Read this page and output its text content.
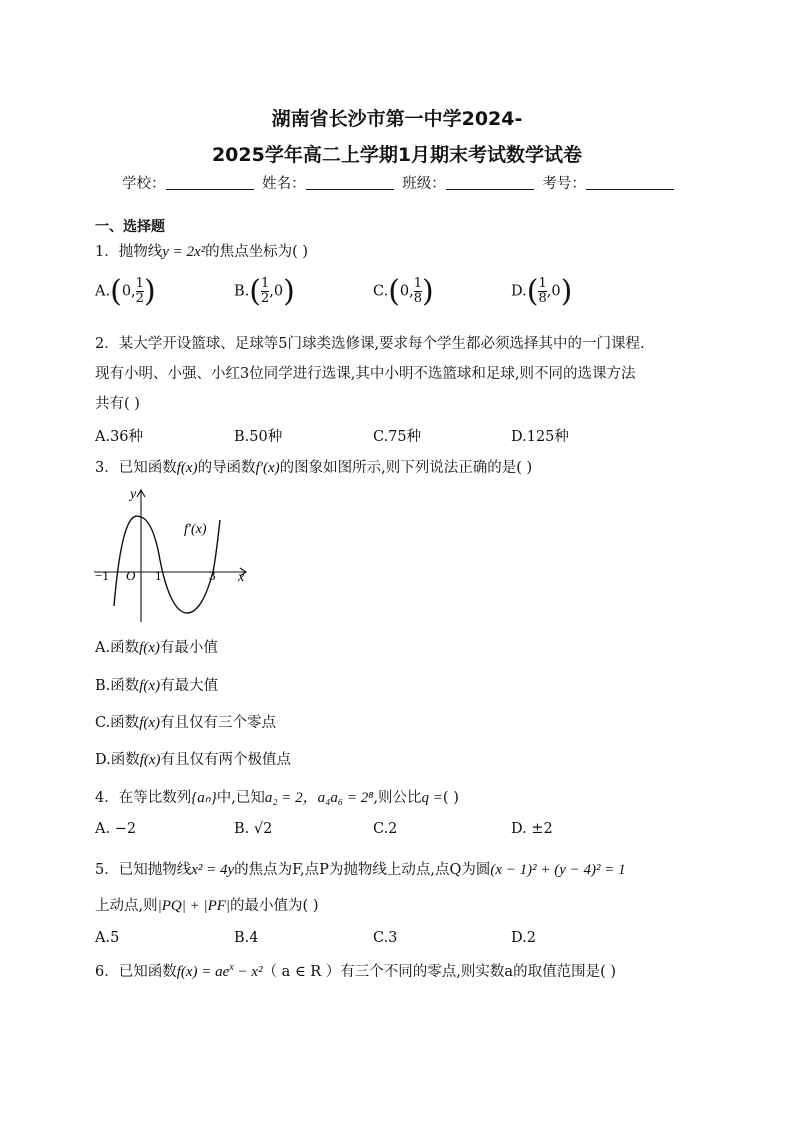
湖南省长沙市第一中学2024-
2025学年高二上学期1月期末考试数学试卷
学校：	姓名：	班级：	考号：
一、选择题
1．抛物线y = 2x²的焦点坐标为( )
A.(0, $\frac{1}{2}$ )	$B.( \frac{1}{2} ,0)$	C.(0, $\frac{1}{8}$ )	$D.( \frac{1}{8} ,0)$
2．某大学开设篮球、足球等5门球类选修课,要求每个学生都必须选择其中的一门课程.
现有小明、小强、小红3位同学进行选课,其中小明不选篮球和足球,则不同的选课方法
共有( )
A.36种	B.50种	C.75种	D.125种
3．已知函数f(x)的导函数f′(x)的图象如图所示,则下列说法正确的是( )
y
x
f′(x)
−1 O 1	3
A.函数f(x)有最小值
B.函数f(x)有最大值
C.函数f(x)有且仅有三个零点
D.函数f(x)有且仅有两个极值点
4．在等比数列{aₙ}中,已知a₂ = 2，a₄a₆ = 2⁸,则公比q =( )
A. −2	B. √2	C.2	D. ±2
5．已知抛物线x² = 4y的焦点为F,点P为抛物线上动点,点Q为圆(x − 1)² + (y − 4)² = 1
上动点,则|PQ| + |PF|的最小值为( )
A.5	B.4	C.3	D.2
6．已知函数$f(x) = ae^x - x^2$（ a ∈ R ）有三个不同的零点,则实数a的取值范围是( )
